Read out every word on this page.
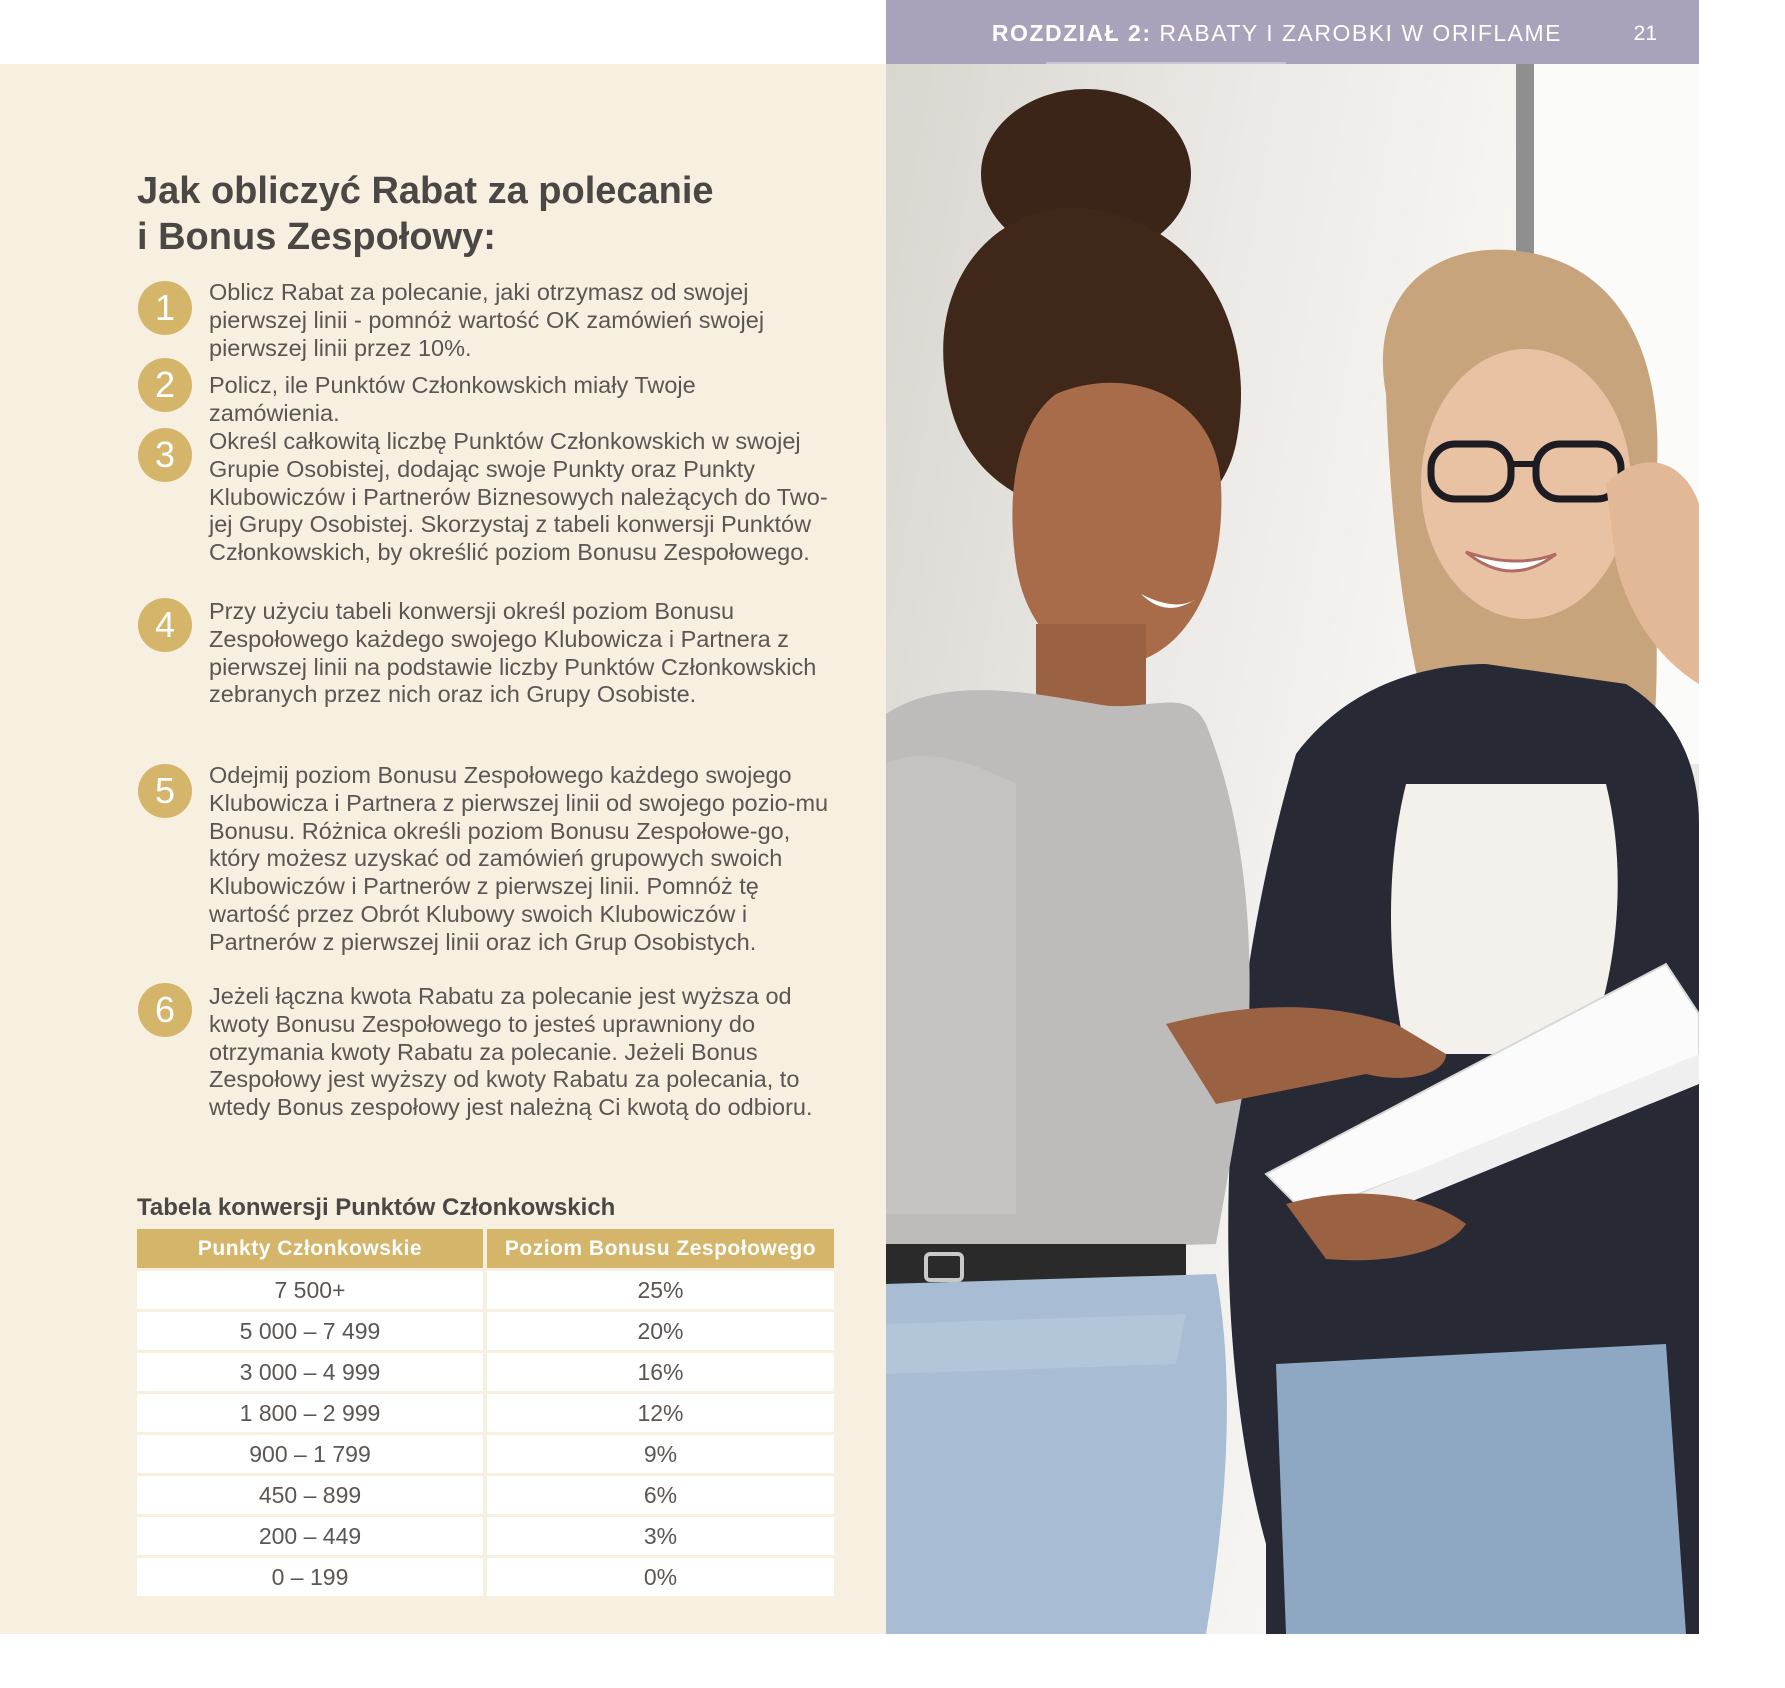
ROZDZIAŁ 2: RABATY I ZAROBKI W ORIFLAME	21
Jak obliczyć Rabat za polecanie
i Bonus Zespołowy:
1	Oblicz Rabat za polecanie, jaki otrzymasz od swojej pierwszej linii - pomnóż wartość OK zamówień swojej pierwszej linii przez 10%.

2	Policz, ile Punktów Członkowskich miały Twoje zamówienia.

3	Określ całkowitą liczbę Punktów Członkowskich w swojej Grupie Osobistej, dodając swoje Punkty oraz Punkty Klubowiczów i Partnerów Biznesowych należących do Two-jej Grupy Osobistej. Skorzystaj z tabeli konwersji Punktów Członkowskich, by określić poziom Bonusu Zespołowego.

4	Przy użyciu tabeli konwersji określ poziom Bonusu Zespołowego każdego swojego Klubowicza i Partnera z pierwszej linii na podstawie liczby Punktów Członkowskich zebranych przez nich oraz ich Grupy Osobiste.

5	Odejmij poziom Bonusu Zespołowego każdego swojego Klubowicza i Partnera z pierwszej linii od swojego pozio-mu Bonusu. Różnica określi poziom Bonusu Zespołowe-go, który możesz uzyskać od zamówień grupowych swoich Klubowiczów i Partnerów z pierwszej linii. Pomnóż tę wartość przez Obrót Klubowy swoich Klubowiczów i Partnerów z pierwszej linii oraz ich Grup Osobistych.

6	Jeżeli łączna kwota Rabatu za polecanie jest wyższa od kwoty Bonusu Zespołowego to jesteś uprawniony do otrzymania kwoty Rabatu za polecanie. Jeżeli Bonus Zespołowy jest wyższy od kwoty Rabatu za polecania, to wtedy Bonus zespołowy jest należną Ci kwotą do odbioru.

Tabela konwersji Punktów Członkowskich
Punkty Członkowskie	Poziom Bonusu Zespołowego
7 500+	25%
5 000 – 7 499	20%
3 000 – 4 999	16%
1 800 – 2 999	12%
900 – 1 799	9%
450 – 899	6%
200 – 449	3%
0 – 199	0%
